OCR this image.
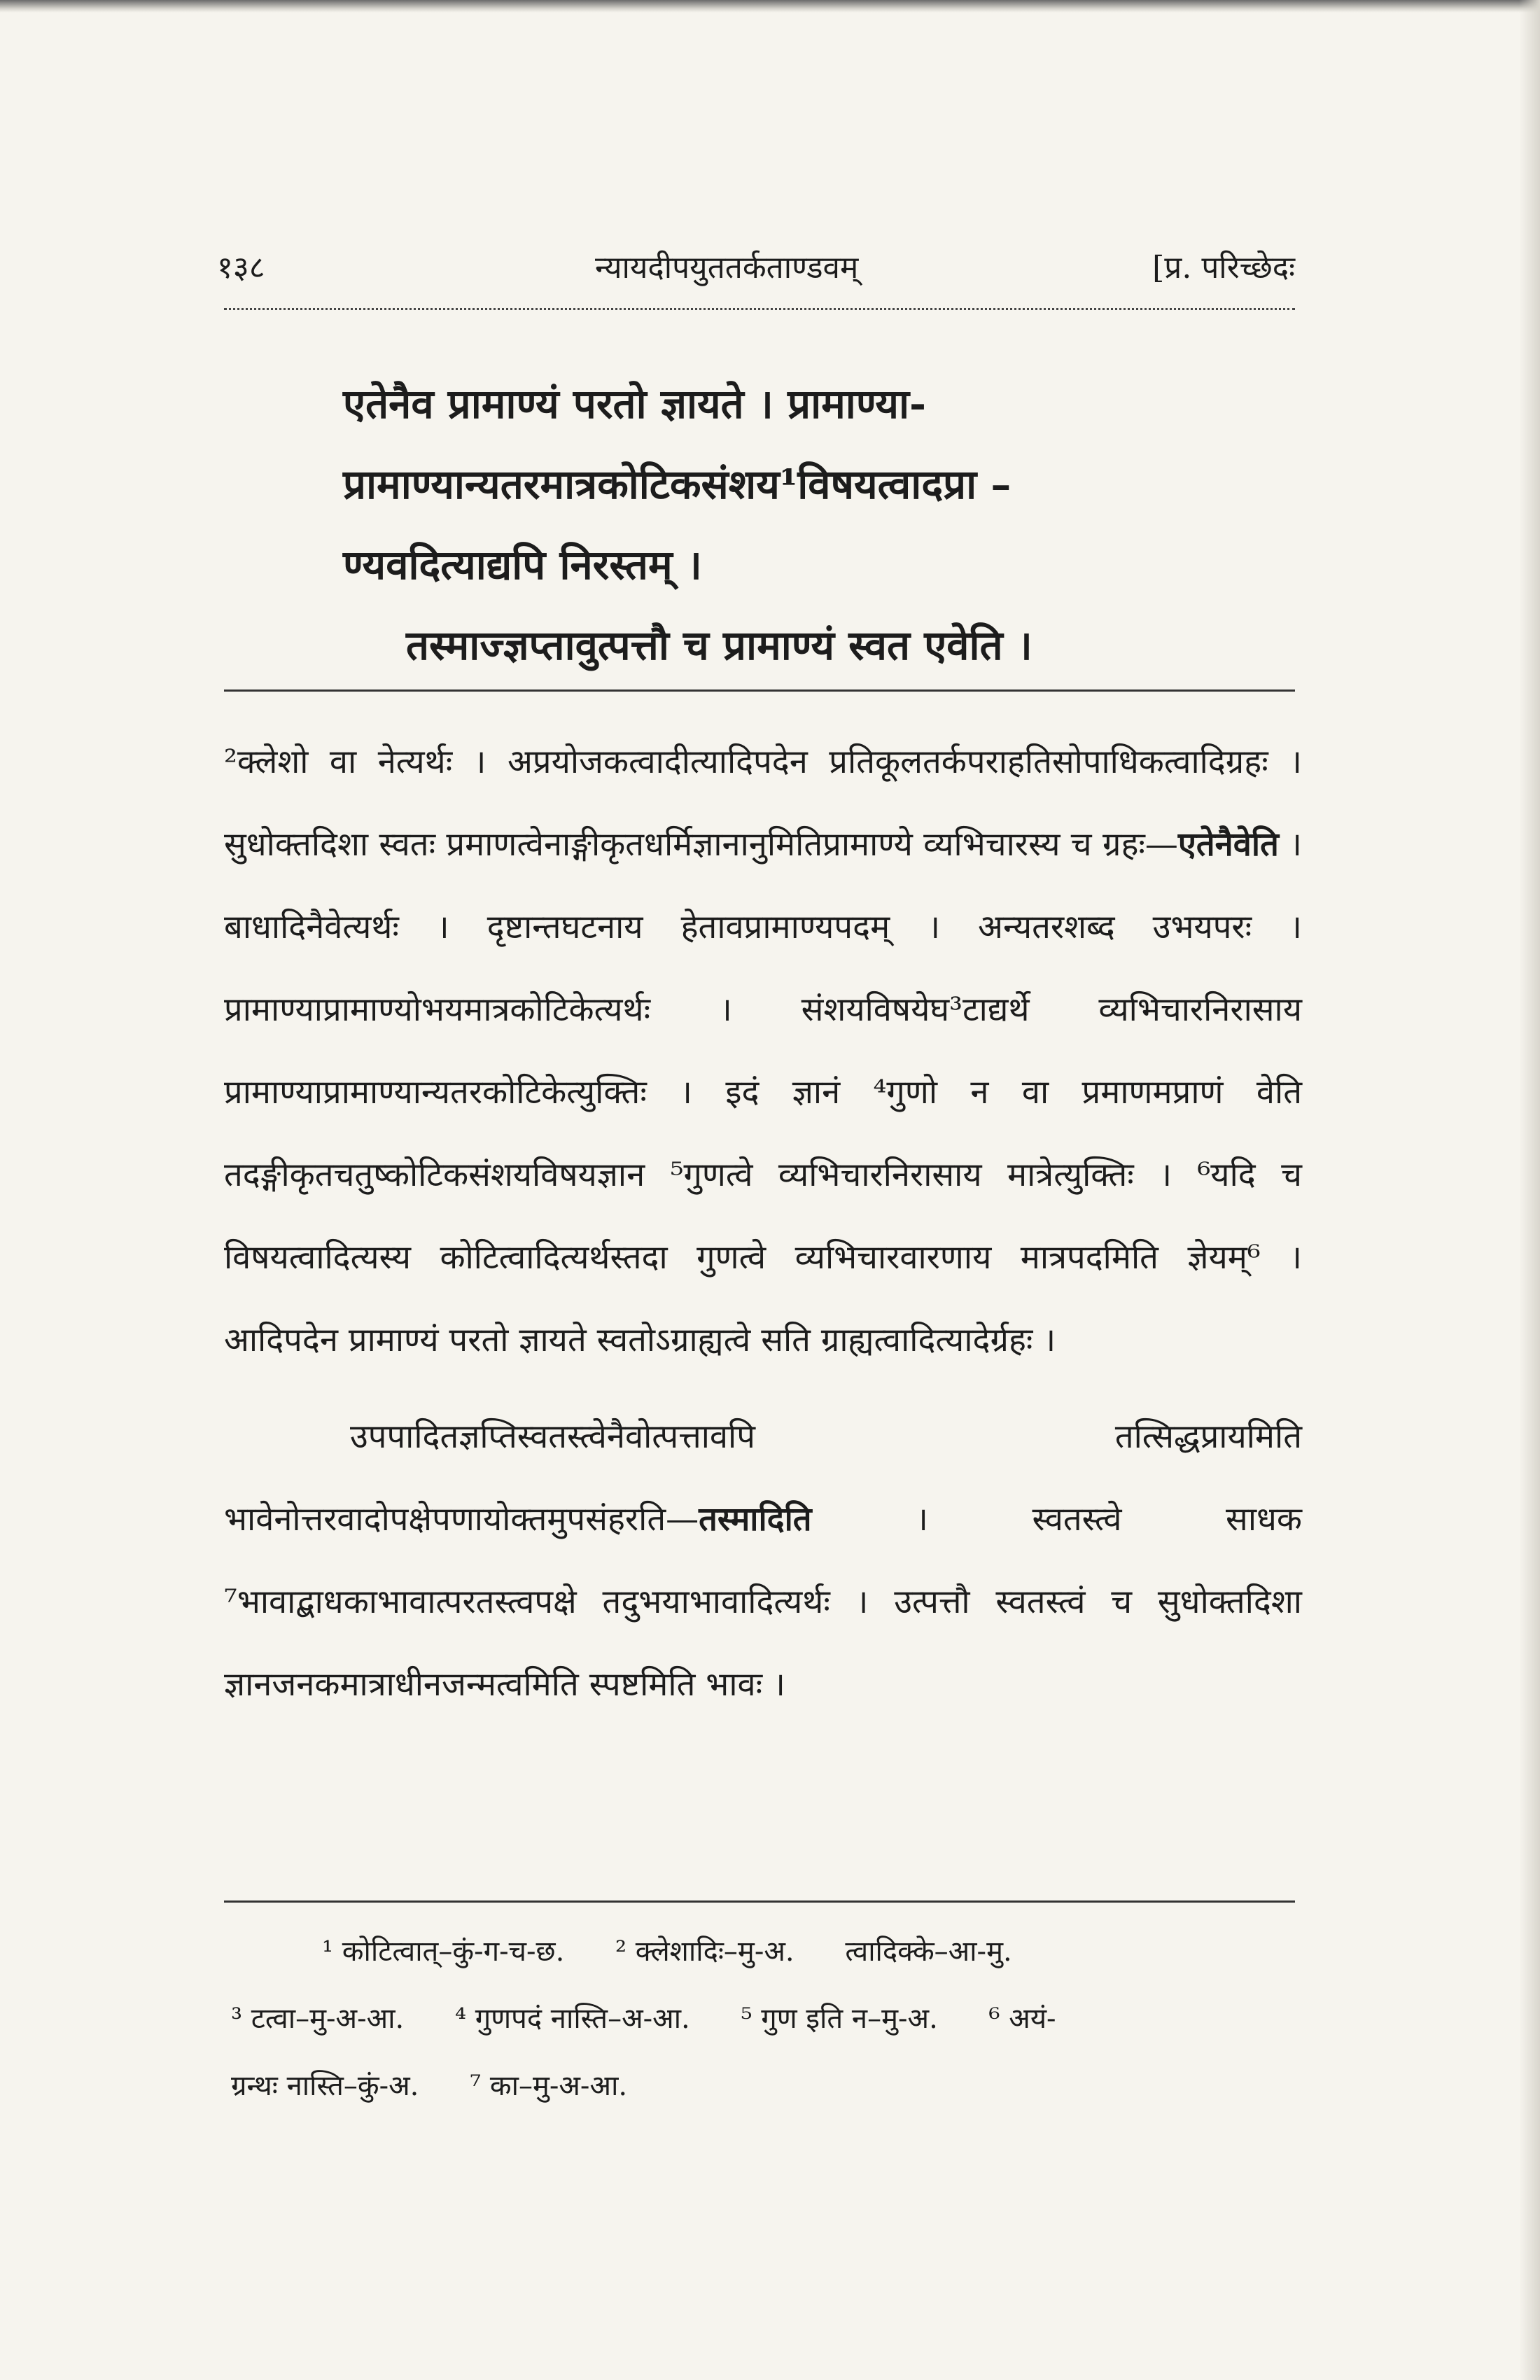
१३८	न्यायदीपयुततर्कताण्डवम्	[प्र. परिच्छेदः

एतेनैव प्रामाण्यं परतो ज्ञायते । प्रामाण्या-

प्रामाण्यान्यतरमात्रकोटिकसंशय¹विषयत्वादप्रा –

ण्यवदित्याद्यपि निरस्तम् ।

तस्माज्ज्ञप्तावुत्पत्तौ च प्रामाण्यं स्वत एवेति ।

²क्लेशो वा नेत्यर्थः । अप्रयोजकत्वादीत्यादिपदेन प्रतिकूलतर्कपराहतिसोपाधिकत्वादिग्रहः । सुधोक्तदिशा स्वतः प्रमाणत्वेनाङ्गीकृतधर्मिज्ञानानुमितिप्रामाण्ये व्यभिचारस्य च ग्रहः—एतेनैवेति । बाधादिनैवेत्यर्थः । दृष्टान्तघटनाय हेतावप्रामाण्यपदम् । अन्यतरशब्द उभयपरः । प्रामाण्याप्रामाण्योभयमात्रकोटिकेत्यर्थः । संशयविषयेघ³टाद्यर्थे व्यभिचारनिरासाय प्रामाण्याप्रामाण्यान्यतरकोटिकेत्युक्तिः । इदं ज्ञानं ⁴गुणो न वा प्रमाणमप्राणं वेति तदङ्गीकृतचतुष्कोटिकसंशयविषयज्ञान ⁵गुणत्वे व्यभिचारनिरासाय मात्रेत्युक्तिः । ⁶यदि च विषयत्वादित्यस्य कोटित्वादित्यर्थस्तदा गुणत्वे व्यभिचारवारणाय मात्रपदमिति ज्ञेयम्⁶ । आदिपदेन प्रामाण्यं परतो ज्ञायते स्वतोऽग्राह्यत्वे सति ग्राह्यत्वादित्यादेर्ग्रहः ।

उपपादितज्ञप्तिस्वतस्त्वेनैवोत्पत्तावपि तत्सिद्धप्रायमिति भावेनोत्तरवादोपक्षेपणायोक्तमुपसंहरति—तस्मादिति । स्वतस्त्वे साधक ⁷भावाद्बाधकाभावात्परतस्त्वपक्षे तदुभयाभावादित्यर्थः । उत्पत्तौ स्वतस्त्वं च सुधोक्तदिशा ज्ञानजनकमात्राधीनजन्मत्वमिति स्पष्टमिति भावः ।

¹ कोटित्वात्–कुं-ग-च-छ. ² क्लेशादिः–मु-अ. त्वादिक्के–आ-मु.
³ टत्वा–मु-अ-आ. ⁴ गुणपदं नास्ति–अ-आ. ⁵ गुण इति न–मु-अ. ⁶ अयं-
ग्रन्थः नास्ति–कुं-अ. ⁷ का–मु-अ-आ.
